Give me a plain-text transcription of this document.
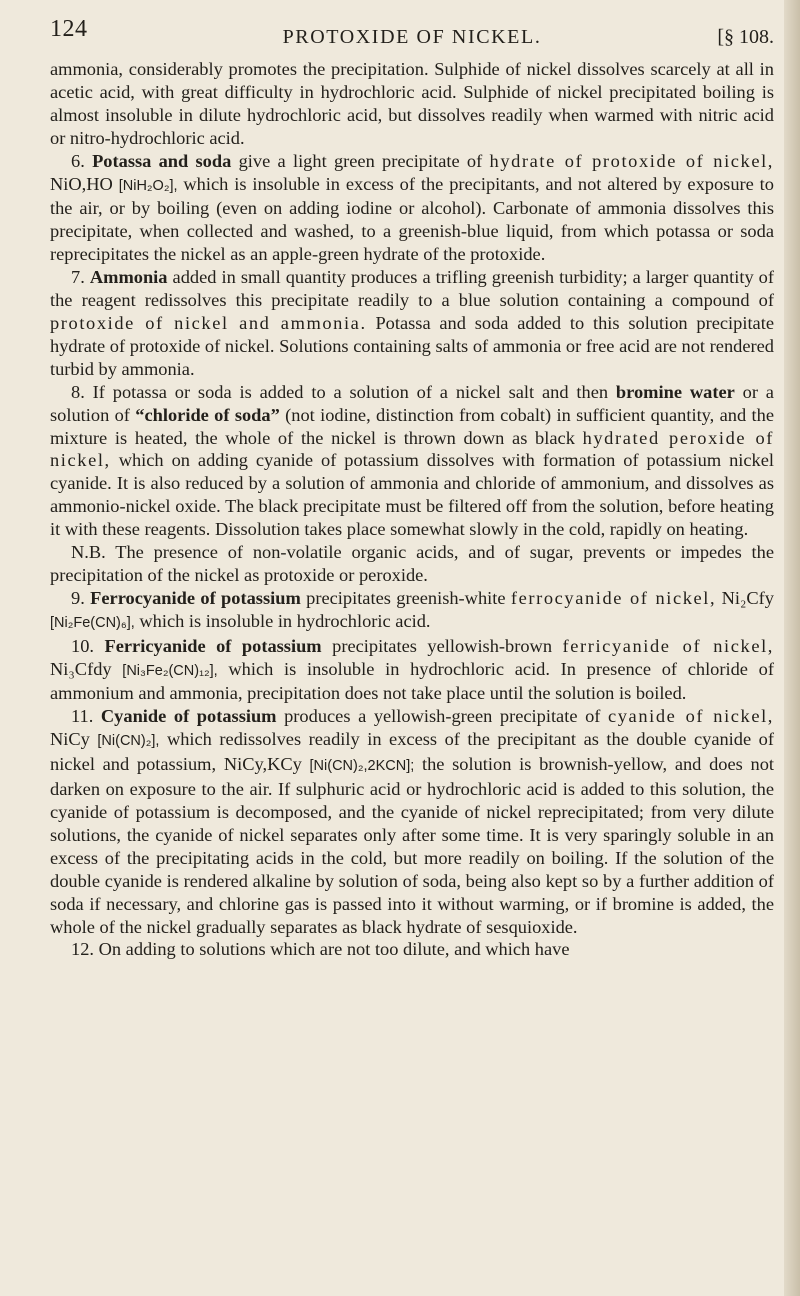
124	PROTOXIDE OF NICKEL.	[§ 108.

ammonia, considerably promotes the precipitation. Sulphide of nickel dissolves scarcely at all in acetic acid, with great difficulty in hydrochloric acid. Sulphide of nickel precipitated boiling is almost insoluble in dilute hydrochloric acid, but dissolves readily when warmed with nitric acid or nitro-hydrochloric acid.

6. Potassa and soda give a light green precipitate of hydrate of protoxide of nickel, NiO,HO [NiH₂O₂], which is insoluble in excess of the precipitants, and not altered by exposure to the air, or by boiling (even on adding iodine or alcohol). Carbonate of ammonia dissolves this precipitate, when collected and washed, to a greenish-blue liquid, from which potassa or soda reprecipitates the nickel as an apple-green hydrate of the protoxide.

7. Ammonia added in small quantity produces a trifling greenish turbidity; a larger quantity of the reagent redissolves this precipitate readily to a blue solution containing a compound of protoxide of nickel and ammonia. Potassa and soda added to this solution precipitate hydrate of protoxide of nickel. Solutions containing salts of ammonia or free acid are not rendered turbid by ammonia.

8. If potassa or soda is added to a solution of a nickel salt and then bromine water or a solution of “chloride of soda” (not iodine, distinction from cobalt) in sufficient quantity, and the mixture is heated, the whole of the nickel is thrown down as black hydrated peroxide of nickel, which on adding cyanide of potassium dissolves with formation of potassium nickel cyanide. It is also reduced by a solution of ammonia and chloride of ammonium, and dissolves as ammonio-nickel oxide. The black precipitate must be filtered off from the solution, before heating it with these reagents. Dissolution takes place somewhat slowly in the cold, rapidly on heating.

N.B. The presence of non-volatile organic acids, and of sugar, prevents or impedes the precipitation of the nickel as protoxide or peroxide.

9. Ferrocyanide of potassium precipitates greenish-white ferrocyanide of nickel, Ni₂Cfy [Ni₂Fe(CN)₆], which is insoluble in hydrochloric acid.

10. Ferricyanide of potassium precipitates yellowish-brown ferricyanide of nickel, Ni₃Cfdy [Ni₃Fe₂(CN)₁₂], which is insoluble in hydrochloric acid. In presence of chloride of ammonium and ammonia, precipitation does not take place until the solution is boiled.

11. Cyanide of potassium produces a yellowish-green precipitate of cyanide of nickel, NiCy [Ni(CN)₂], which redissolves readily in excess of the precipitant as the double cyanide of nickel and potassium, NiCy,KCy [Ni(CN)₂,2KCN]; the solution is brownish-yellow, and does not darken on exposure to the air. If sulphuric acid or hydrochloric acid is added to this solution, the cyanide of potassium is decomposed, and the cyanide of nickel reprecipitated; from very dilute solutions, the cyanide of nickel separates only after some time. It is very sparingly soluble in an excess of the precipitating acids in the cold, but more readily on boiling. If the solution of the double cyanide is rendered alkaline by solution of soda, being also kept so by a further addition of soda if necessary, and chlorine gas is passed into it without warming, or if bromine is added, the whole of the nickel gradually separates as black hydrate of sesquioxide.

12. On adding to solutions which are not too dilute, and which have
